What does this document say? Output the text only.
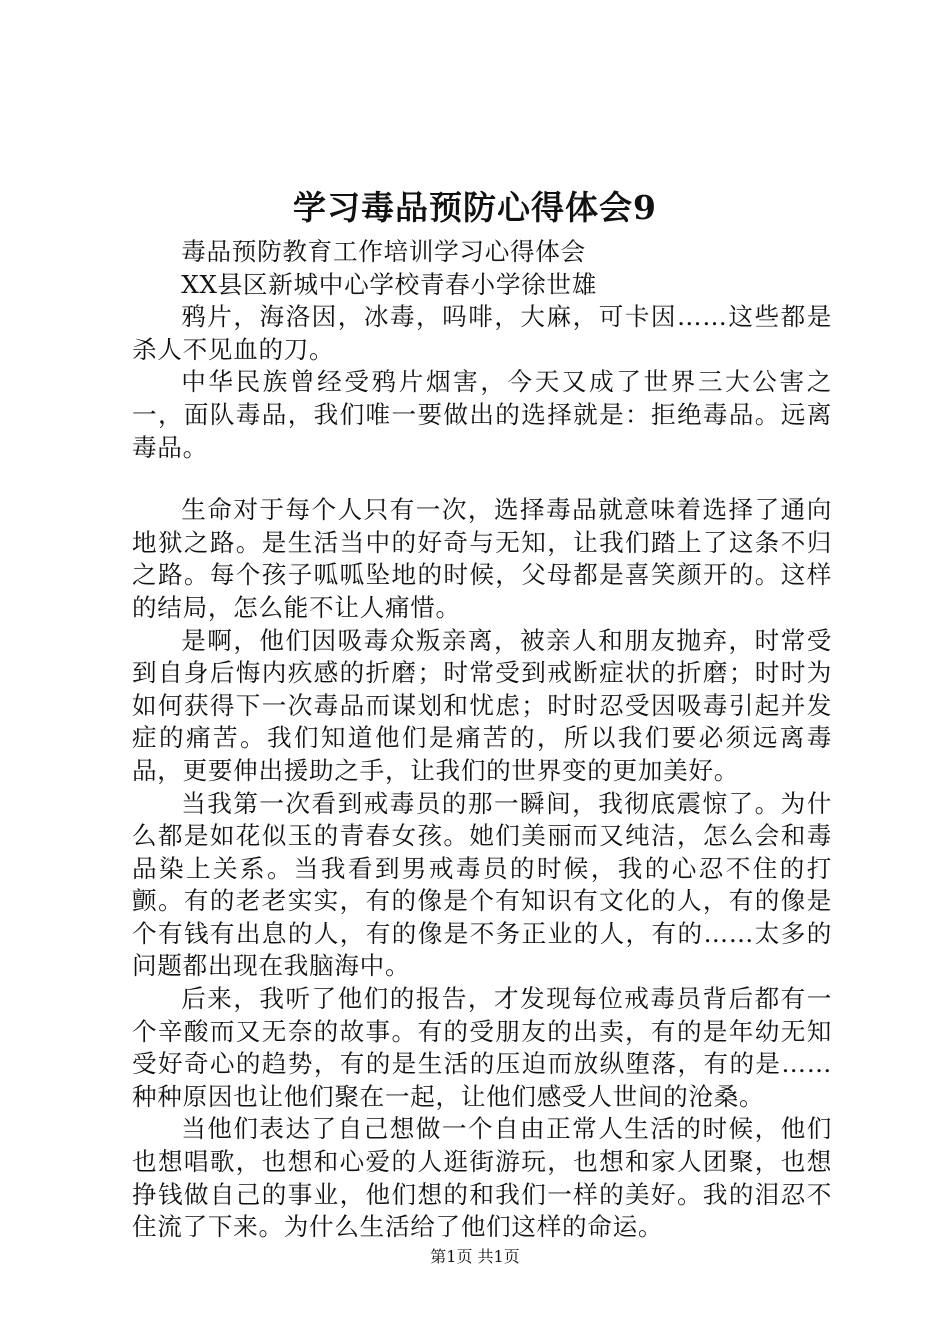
学习毒品预防心得体会9

毒品预防教育工作培训学习心得体会

XX县区新城中心学校青春小学徐世雄

鸦片，海洛因，冰毒，吗啡，大麻，可卡因……这些都是杀人不见血的刀。

中华民族曾经受鸦片烟害，今天又成了世界三大公害之一，面队毒品，我们唯一要做出的选择就是：拒绝毒品。远离毒品。

生命对于每个人只有一次，选择毒品就意味着选择了通向地狱之路。是生活当中的好奇与无知，让我们踏上了这条不归之路。每个孩子呱呱坠地的时候，父母都是喜笑颜开的。这样的结局，怎么能不让人痛惜。

是啊，他们因吸毒众叛亲离，被亲人和朋友抛弃，时常受到自身后悔内疚感的折磨；时常受到戒断症状的折磨；时时为如何获得下一次毒品而谋划和忧虑；时时忍受因吸毒引起并发症的痛苦。我们知道他们是痛苦的，所以我们要必须远离毒品，更要伸出援助之手，让我们的世界变的更加美好。

当我第一次看到戒毒员的那一瞬间，我彻底震惊了。为什么都是如花似玉的青春女孩。她们美丽而又纯洁，怎么会和毒品染上关系。当我看到男戒毒员的时候，我的心忍不住的打颤。有的老老实实，有的像是个有知识有文化的人，有的像是个有钱有出息的人，有的像是不务正业的人，有的……太多的问题都出现在我脑海中。

后来，我听了他们的报告，才发现每位戒毒员背后都有一个辛酸而又无奈的故事。有的受朋友的出卖，有的是年幼无知受好奇心的趋势，有的是生活的压迫而放纵堕落，有的是……种种原因也让他们聚在一起，让他们感受人世间的沧桑。

当他们表达了自己想做一个自由正常人生活的时候，他们也想唱歌，也想和心爱的人逛街游玩，也想和家人团聚，也想挣钱做自己的事业，他们想的和我们一样的美好。我的泪忍不住流了下来。为什么生活给了他们这样的命运。

第1页 共1页
